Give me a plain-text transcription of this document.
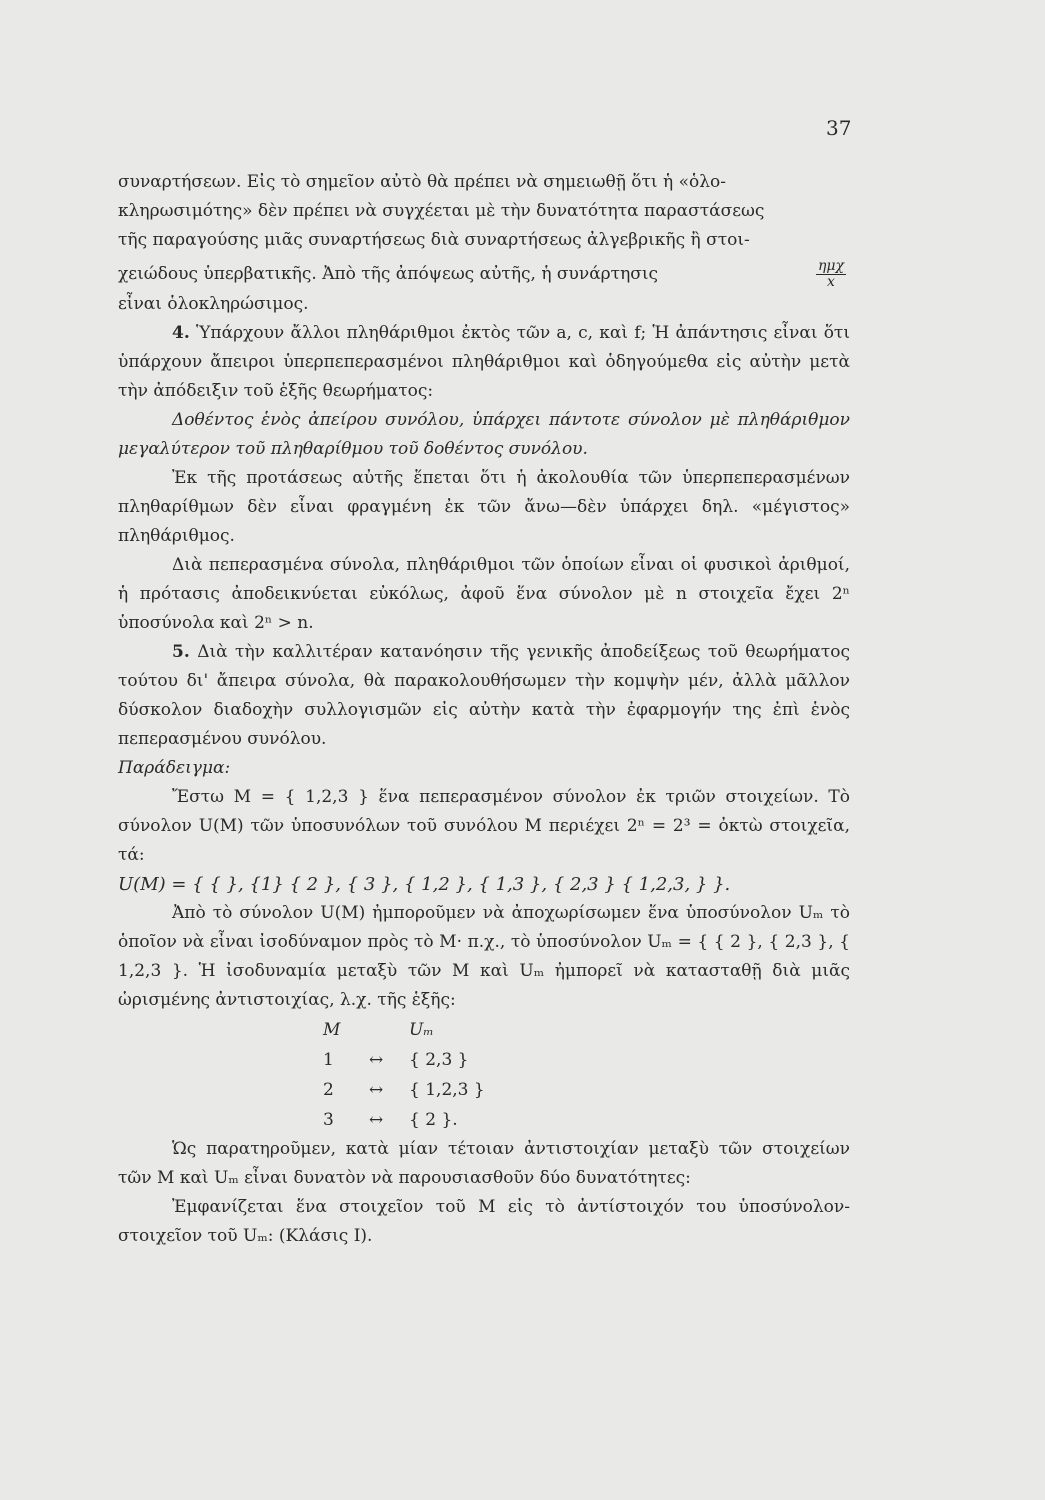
37

συναρτήσεων. Εἰς τὸ σημεῖον αὐτὸ θὰ πρέπει νὰ σημειωθῇ ὅτι ἡ «ὁλο-

κληρωσιμότης» δὲν πρέπει νὰ συγχέεται μὲ τὴν δυνατότητα παραστάσεως

τῆς παραγούσης μιᾶς συναρτήσεως διὰ συναρτήσεως ἀλγεβρικῆς ἢ στοι-

χειώδους ὑπερβατικῆς. Ἀπὸ τῆς ἀπόψεως αὐτῆς, ἡ συνάρτησις	$\frac{\text{ημχ}}{x}$

εἶναι ὁλοκληρώσιμος.

4. Ὑπάρχουν ἄλλοι πληθάριθμοι ἐκτὸς τῶν a, c, καὶ f; Ἡ ἀπάντησις εἶναι ὅτι ὑπάρχουν ἄπειροι ὑπερπεπερασμένοι πληθάριθμοι καὶ ὁδηγούμεθα εἰς αὐτὴν μετὰ τὴν ἀπόδειξιν τοῦ ἑξῆς θεωρήματος:

Δοθέντος ἑνὸς ἀπείρου συνόλου, ὑπάρχει πάντοτε σύνολον μὲ πληθάριθμον μεγαλύτερον τοῦ πληθαρίθμου τοῦ δοθέντος συνόλου.

Ἐκ τῆς προτάσεως αὐτῆς ἕπεται ὅτι ἡ ἀκολουθία τῶν ὑπερπεπερασμένων πληθαρίθμων δὲν εἶναι φραγμένη ἐκ τῶν ἄνω—δὲν ὑπάρχει δηλ. «μέγιστος» πληθάριθμος.

Διὰ πεπερασμένα σύνολα, πληθάριθμοι τῶν ὁποίων εἶναι οἱ φυσικοὶ ἀριθμοί, ἡ πρότασις ἀποδεικνύεται εὐκόλως, ἀφοῦ ἕνα σύνολον μὲ n στοιχεῖα ἔχει 2ⁿ ὑποσύνολα καὶ 2ⁿ > n.

5. Διὰ τὴν καλλιτέραν κατανόησιν τῆς γενικῆς ἀποδείξεως τοῦ θεωρήματος τούτου δι' ἄπειρα σύνολα, θὰ παρακολουθήσωμεν τὴν κομψὴν μέν, ἀλλὰ μᾶλλον δύσκολον διαδοχὴν συλλογισμῶν εἰς αὐτὴν κατὰ τὴν ἐφαρμογήν της ἐπὶ ἑνὸς πεπερασμένου συνόλου.

Παράδειγμα:

Ἔστω M = { 1,2,3 } ἕνα πεπερασμένον σύνολον ἐκ τριῶν στοιχείων. Τὸ σύνολον U(M) τῶν ὑποσυνόλων τοῦ συνόλου M περιέχει 2ⁿ = 2³ = ὀκτὼ στοιχεῖα, τά:

U(M) = { { }, {1} { 2 }, { 3 }, { 1,2 }, { 1,3 }, { 2,3 } { 1,2,3, } }.

Ἀπὸ τὸ σύνολον U(M) ἠμποροῦμεν νὰ ἀποχωρίσωμεν ἕνα ὑποσύνολον Uₘ τὸ ὁποῖον νὰ εἶναι ἰσοδύναμον πρὸς τὸ M· π.χ., τὸ ὑποσύνολον Uₘ = { { 2 }, { 2,3 }, { 1,2,3 }. Ἡ ἰσοδυναμία μεταξὺ τῶν M καὶ Uₘ ἠμπορεῖ νὰ κατασταθῇ διὰ μιᾶς ὡρισμένης ἀντιστοιχίας, λ.χ. τῆς ἑξῆς:

M	Uₘ
1	↔	{ 2,3 }
2	↔	{ 1,2,3 }
3	↔	{ 2 }.

Ὡς παρατηροῦμεν, κατὰ μίαν τέτοιαν ἀντιστοιχίαν μεταξὺ τῶν στοιχείων τῶν M καὶ Uₘ εἶναι δυνατὸν νὰ παρουσιασθοῦν δύο δυνατότητες:

Ἐμφανίζεται ἕνα στοιχεῖον τοῦ M εἰς τὸ ἀντίστοιχόν του ὑποσύνολον-στοιχεῖον τοῦ Uₘ: (Κλάσις I).
